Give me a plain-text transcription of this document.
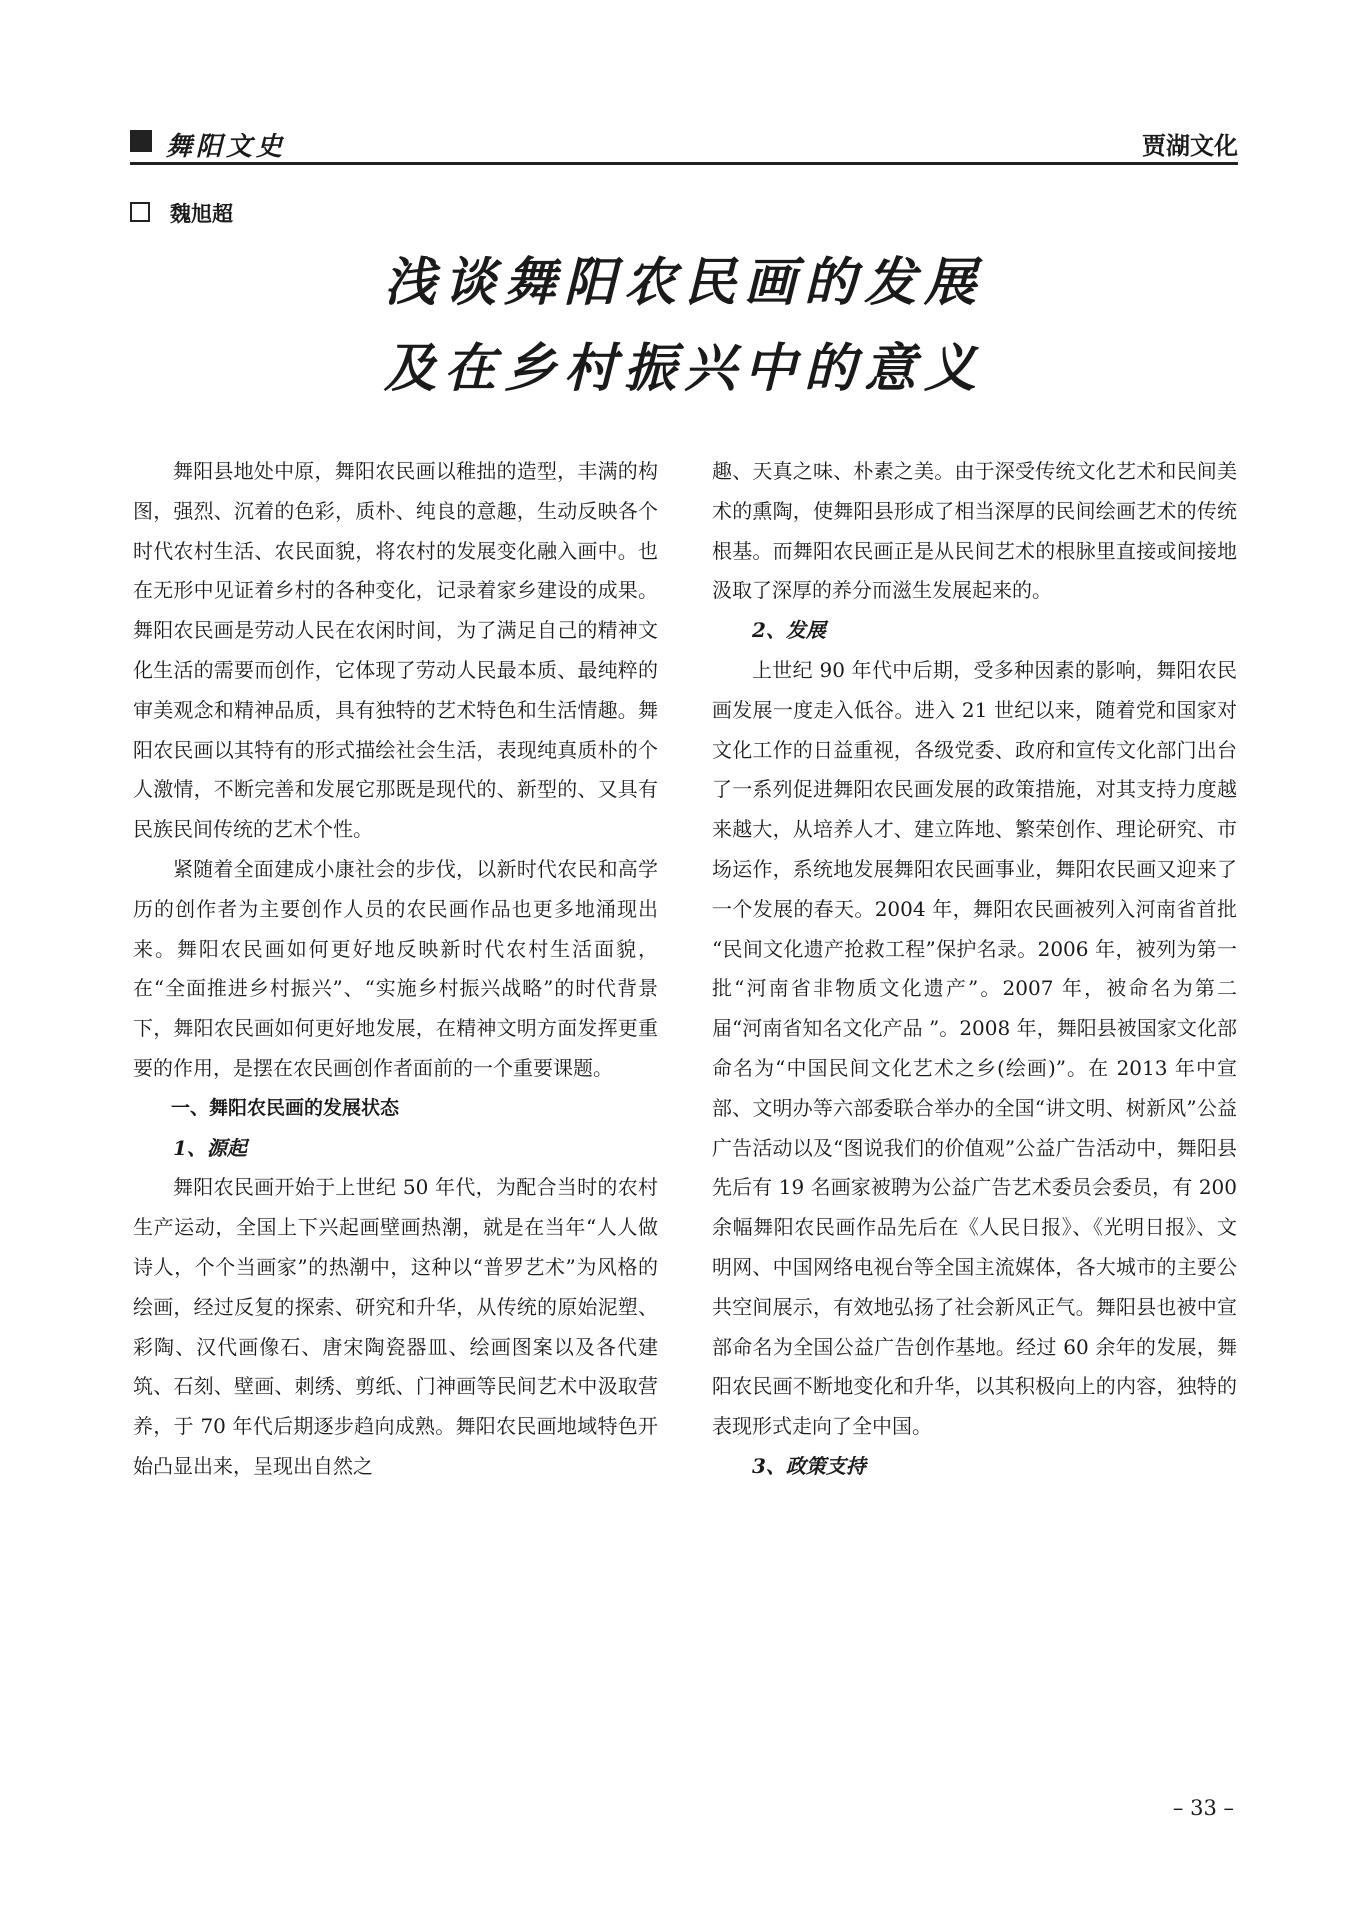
舞阳文史	贾湖文化
魏旭超
浅谈舞阳农民画的发展
及在乡村振兴中的意义

舞阳县地处中原，舞阳农民画以稚拙的造型，丰满的构图，强烈、沉着的色彩，质朴、纯良的意趣，生动反映各个时代农村生活、农民面貌，将农村的发展变化融入画中。也在无形中见证着乡村的各种变化，记录着家乡建设的成果。舞阳农民画是劳动人民在农闲时间，为了满足自己的精神文化生活的需要而创作，它体现了劳动人民最本质、最纯粹的审美观念和精神品质，具有独特的艺术特色和生活情趣。舞阳农民画以其特有的形式描绘社会生活，表现纯真质朴的个人激情，不断完善和发展它那既是现代的、新型的、又具有民族民间传统的艺术个性。

紧随着全面建成小康社会的步伐，以新时代农民和高学历的创作者为主要创作人员的农民画作品也更多地涌现出来。舞阳农民画如何更好地反映新时代农村生活面貌，在“全面推进乡村振兴”、“实施乡村振兴战略”的时代背景下，舞阳农民画如何更好地发展，在精神文明方面发挥更重要的作用，是摆在农民画创作者面前的一个重要课题。

一、舞阳农民画的发展状态

1、源起

舞阳农民画开始于上世纪 50 年代，为配合当时的农村生产运动，全国上下兴起画壁画热潮，就是在当年“人人做诗人，个个当画家”的热潮中，这种以“普罗艺术”为风格的绘画，经过反复的探索、研究和升华，从传统的原始泥塑、彩陶、汉代画像石、唐宋陶瓷器皿、绘画图案以及各代建筑、石刻、壁画、刺绣、剪纸、门神画等民间艺术中汲取营养，于 70 年代后期逐步趋向成熟。舞阳农民画地域特色开始凸显出来，呈现出自然之

趣、天真之味、朴素之美。由于深受传统文化艺术和民间美术的熏陶，使舞阳县形成了相当深厚的民间绘画艺术的传统根基。而舞阳农民画正是从民间艺术的根脉里直接或间接地汲取了深厚的养分而滋生发展起来的。

2、发展

上世纪 90 年代中后期，受多种因素的影响，舞阳农民画发展一度走入低谷。进入 21 世纪以来，随着党和国家对文化工作的日益重视，各级党委、政府和宣传文化部门出台了一系列促进舞阳农民画发展的政策措施，对其支持力度越来越大，从培养人才、建立阵地、繁荣创作、理论研究、市场运作，系统地发展舞阳农民画事业，舞阳农民画又迎来了一个发展的春天。2004 年，舞阳农民画被列入河南省首批 “民间文化遗产抢救工程”保护名录。2006 年，被列为第一批“河南省非物质文化遗产”。2007 年，被命名为第二届“河南省知名文化产品 ”。2008 年，舞阳县被国家文化部命名为“中国民间文化艺术之乡(绘画)”。在 2013 年中宣部、文明办等六部委联合举办的全国“讲文明、树新风”公益广告活动以及“图说我们的价值观”公益广告活动中，舞阳县先后有 19 名画家被聘为公益广告艺术委员会委员，有 200 余幅舞阳农民画作品先后在《人民日报》、《光明日报》、文明网、中国网络电视台等全国主流媒体，各大城市的主要公共空间展示，有效地弘扬了社会新风正气。舞阳县也被中宣部命名为全国公益广告创作基地。经过 60 余年的发展，舞阳农民画不断地变化和升华，以其积极向上的内容，独特的表现形式走向了全中国。

3、政策支持

– 33 –
